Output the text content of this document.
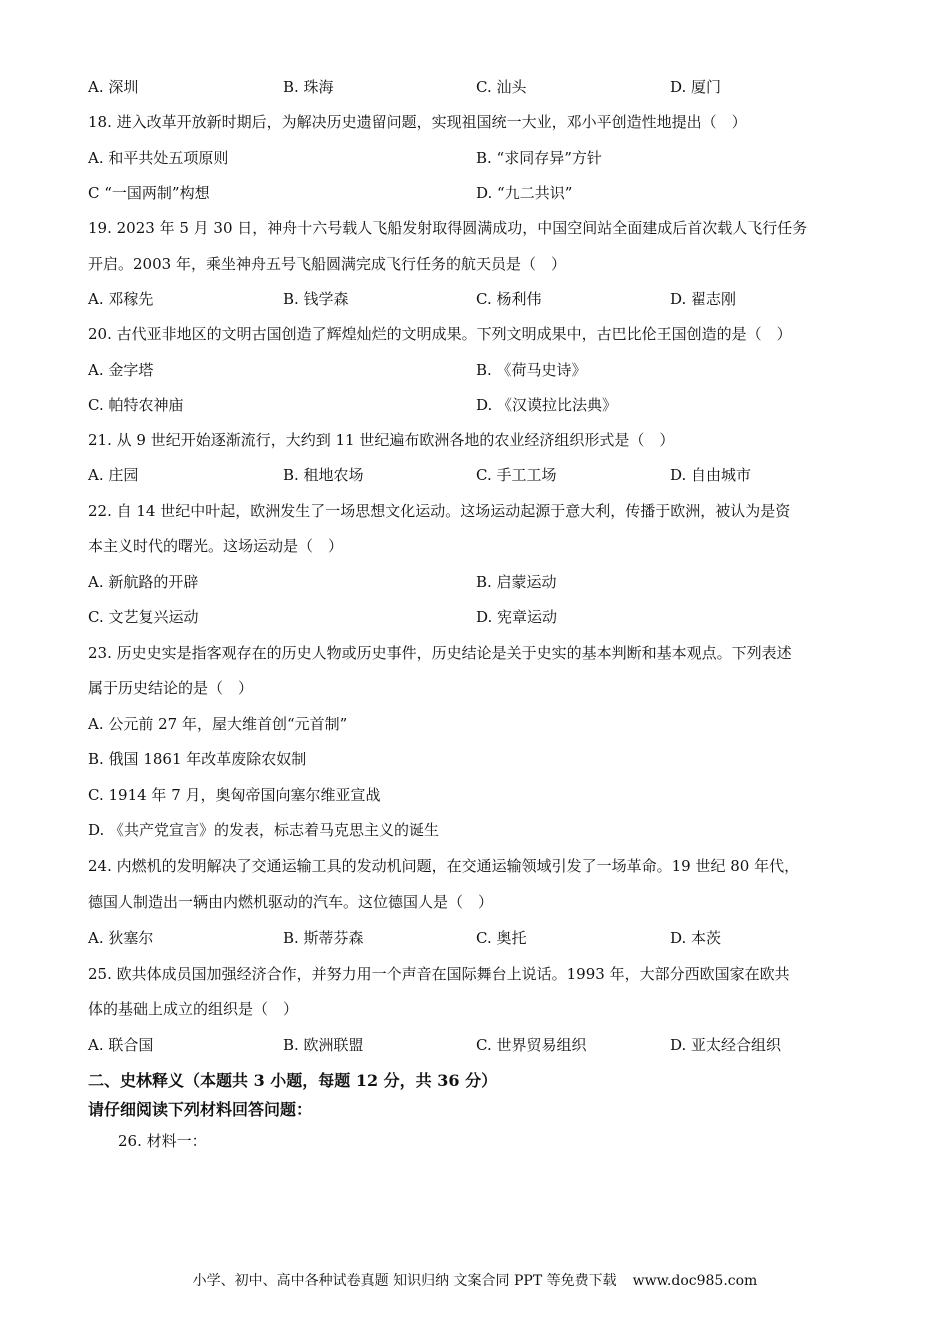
A. 深圳	B. 珠海	C. 汕头	D. 厦门
18. 进入改革开放新时期后，为解决历史遗留问题，实现祖国统一大业，邓小平创造性地提出（　）
A. 和平共处五项原则	B. “求同存异”方针
C “一国两制”构想	D. “九二共识”
19. 2023 年 5 月 30 日，神舟十六号载人飞船发射取得圆满成功，中国空间站全面建成后首次载人飞行任务
开启。2003 年，乘坐神舟五号飞船圆满完成飞行任务的航天员是（　）
A. 邓稼先	B. 钱学森	C. 杨利伟	D. 翟志刚
20. 古代亚非地区的文明古国创造了辉煌灿烂的文明成果。下列文明成果中，古巴比伦王国创造的是（　）
A. 金字塔	B. 《荷马史诗》
C. 帕特农神庙	D. 《汉谟拉比法典》
21. 从 9 世纪开始逐渐流行，大约到 11 世纪遍布欧洲各地的农业经济组织形式是（　）
A. 庄园	B. 租地农场	C. 手工工场	D. 自由城市
22. 自 14 世纪中叶起，欧洲发生了一场思想文化运动。这场运动起源于意大利，传播于欧洲，被认为是资
本主义时代的曙光。这场运动是（　）
A. 新航路的开辟	B. 启蒙运动
C. 文艺复兴运动	D. 宪章运动
23. 历史史实是指客观存在的历史人物或历史事件，历史结论是关于史实的基本判断和基本观点。下列表述
属于历史结论的是（　）
A. 公元前 27 年，屋大维首创“元首制”
B. 俄国 1861 年改革废除农奴制
C. 1914 年 7 月，奥匈帝国向塞尔维亚宣战
D. 《共产党宣言》的发表，标志着马克思主义的诞生
24. 内燃机的发明解决了交通运输工具的发动机问题，在交通运输领域引发了一场革命。19 世纪 80 年代，
德国人制造出一辆由内燃机驱动的汽车。这位德国人是（　）
A. 狄塞尔	B. 斯蒂芬森	C. 奥托	D. 本茨
25. 欧共体成员国加强经济合作，并努力用一个声音在国际舞台上说话。1993 年，大部分西欧国家在欧共
体的基础上成立的组织是（　）
A. 联合国	B. 欧洲联盟	C. 世界贸易组织	D. 亚太经合组织
二、史林释义（本题共 3 小题，每题 12 分，共 36 分）
请仔细阅读下列材料回答问题：
26. 材料一：
小学、初中、高中各种试卷真题 知识归纳 文案合同 PPT 等免费下载 www.doc985.com
